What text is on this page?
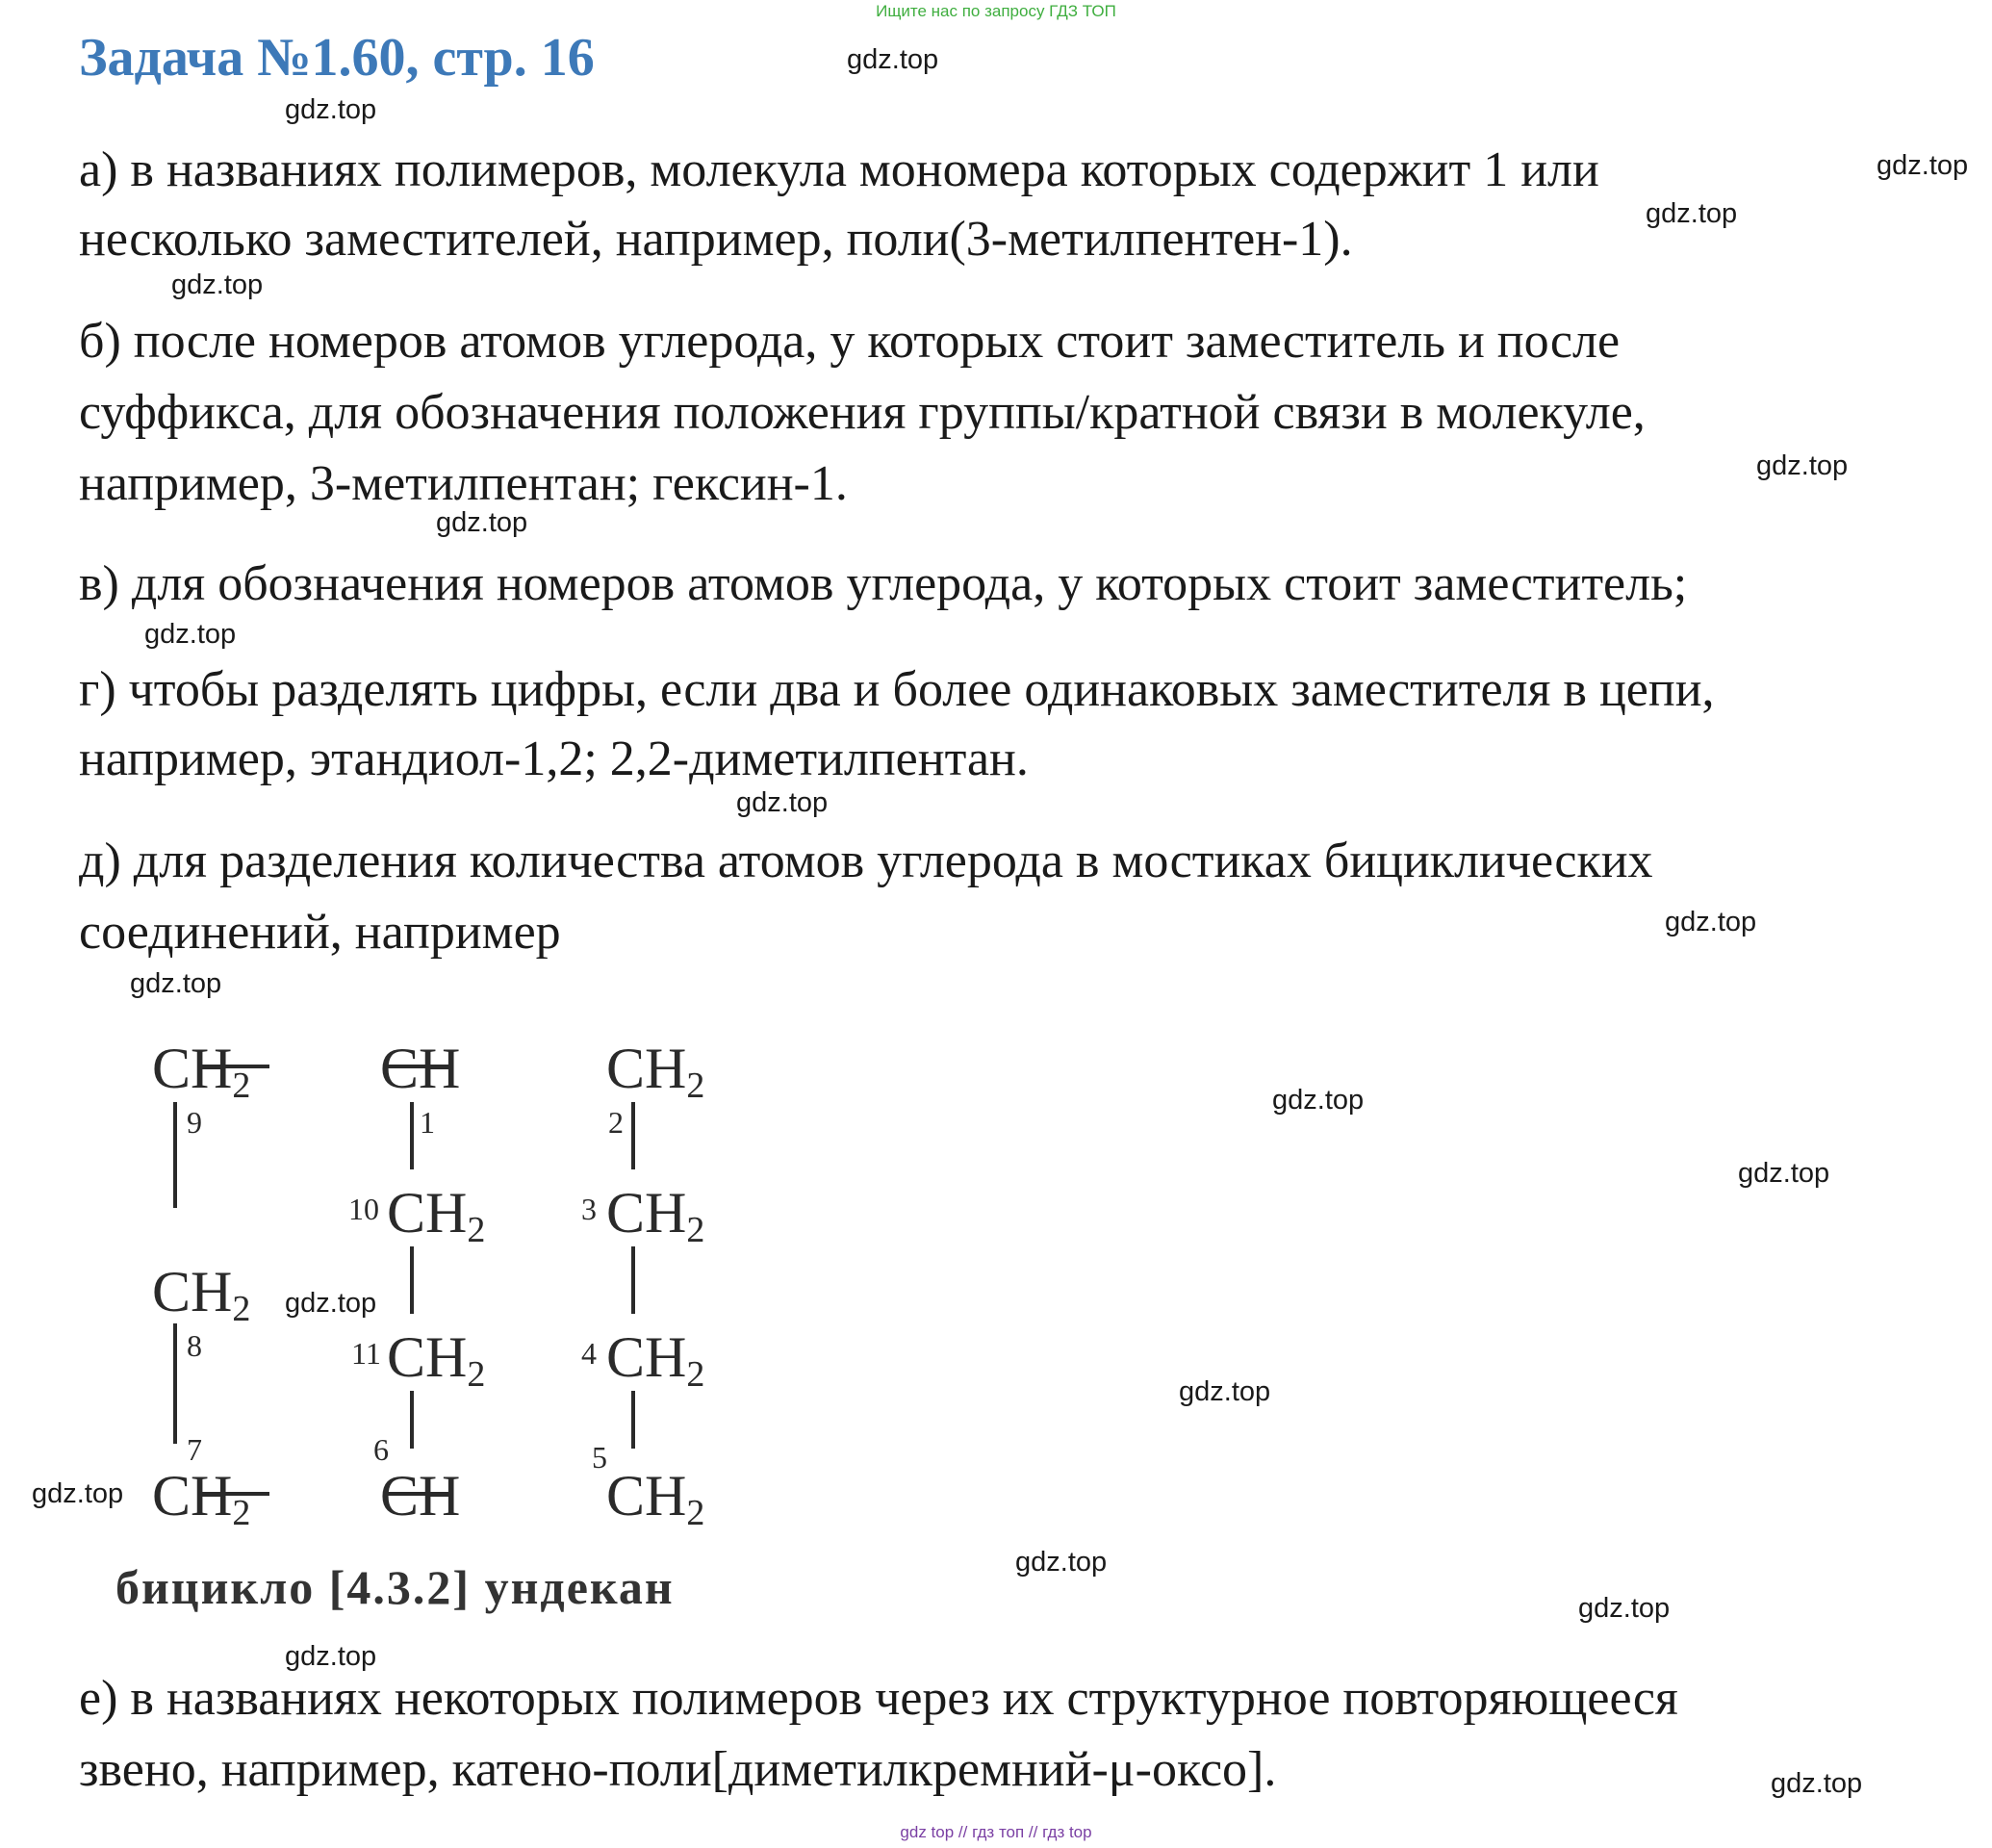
Ищите нас по запросу ГДЗ ТОП
Задача №1.60, стр. 16
а) в названиях полимеров, молекула мономера которых содержит 1 или
несколько заместителей, например, поли(3-метилпентен-1).
б) после номеров атомов углерода, у которых стоит заместитель и после
суффикса, для обозначения положения группы/кратной связи в молекуле,
например, 3-метилпентан; гексин-1.
в) для обозначения номеров атомов углерода, у которых стоит заместитель;
г) чтобы разделять цифры, если два и более одинаковых заместителя в цепи,
например, этандиол-1,2; 2,2-диметилпентан.
д) для разделения количества атомов углерода в мостиках бициклических
соединений, например
$CH_2$ CH	$CH_2$
9	1	2
10 $CH_2$
3 $CH_2$
$CH_2$
8	11 $CH_2$
4 $CH_2$
7	6	5
$CH_2$ CH	$CH_2$
бицикло [4.3.2] ундекан
е) в названиях некоторых полимеров через их структурное повторяющееся
звено, например, катено-поли[диметилкремний-μ-оксо].
gdz.top
gdz.top
gdz.top
gdz.top
gdz.top
gdz.top
gdz.top
gdz.top
gdz.top
gdz.top
gdz.top
gdz.top
gdz.top
gdz.top
gdz.top
gdz.top
gdz.top
gdz.top
gdz.top
gdz.top
gdz top // гдз топ // гдз top
